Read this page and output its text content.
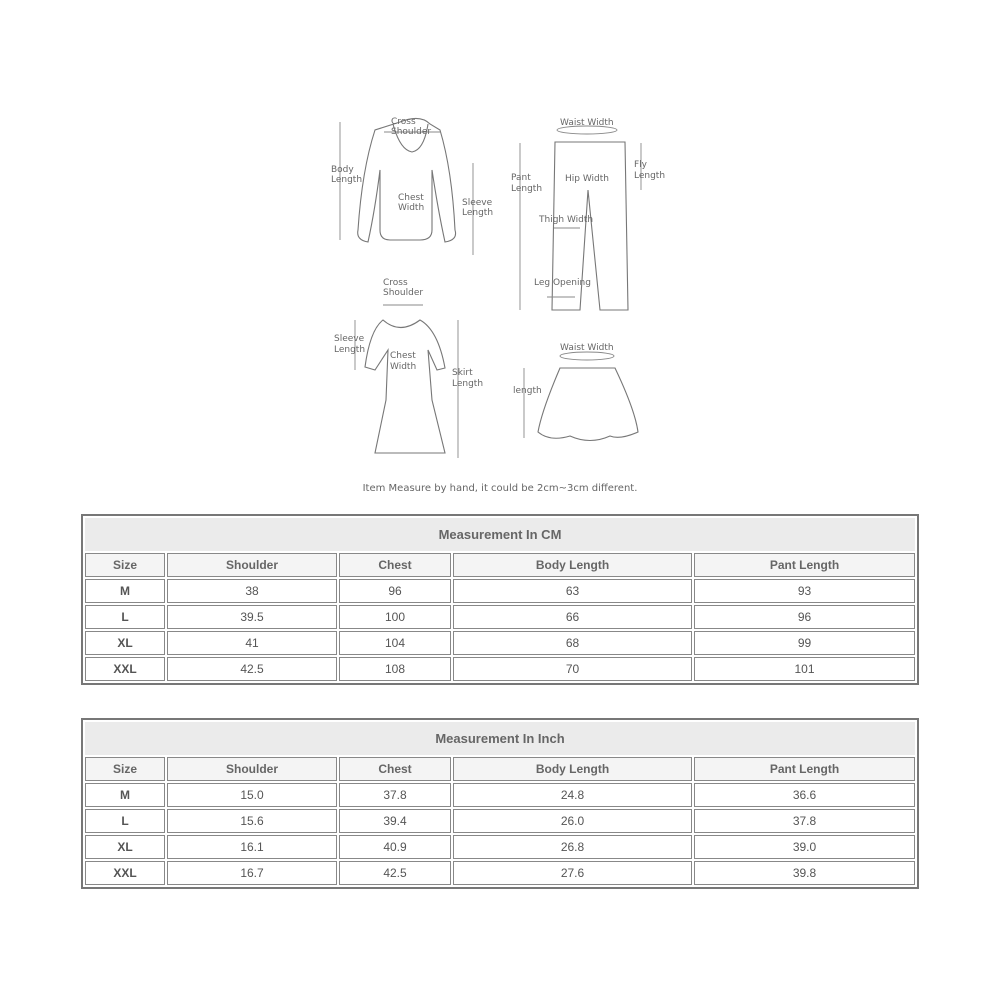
Cross
Shoulder
Body
Length
Chest
Width	Sleeve
Length
Waist Width
Pant
Length
Hip Width
Fly
Length
Thigh Width
Leg Opening
Cross
Shoulder
Sleeve
Length
Chest
Width
Skirt
Length
Waist Width
length
Item Measure by hand, it could be 2cm~3cm different.
Measurement In CM				
Size	Shoulder	Chest	Body Length	Pant Length
M	38	96	63	93
L	39.5	100	66	96
XL	41	104	68	99
XXL	42.5	108	70	101
Measurement In Inch				
Size	Shoulder	Chest	Body Length	Pant Length
M	15.0	37.8	24.8	36.6
L	15.6	39.4	26.0	37.8
XL	16.1	40.9	26.8	39.0
XXL	16.7	42.5	27.6	39.8
